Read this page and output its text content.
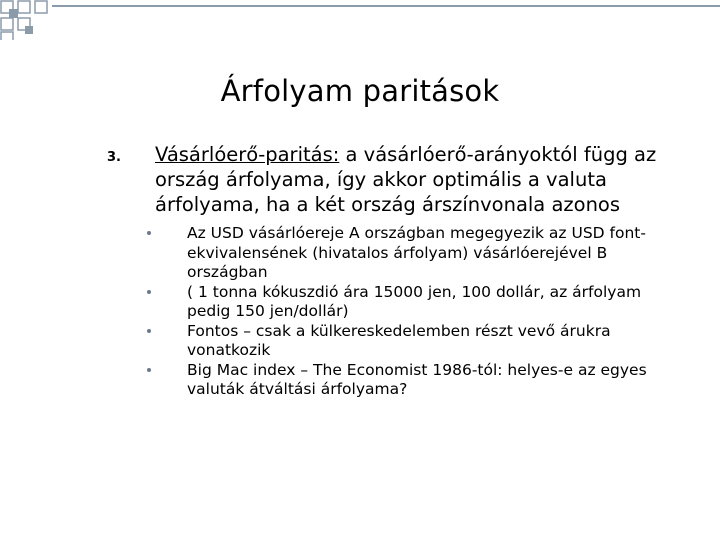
Árfolyam paritások
3. Vásárlóerő-paritás: a vásárlóerő-arányoktól függ az ország árfolyama, így akkor optimális a valuta árfolyama, ha a két ország árszínvonala azonos
Az USD vásárlóereje A országban megegyezik az USD font-ekvivalensének (hivatalos árfolyam) vásárlóerejével B országban
( 1 tonna kókuszdió ára 15000 jen, 100 dollár, az árfolyam pedig 150 jen/dollár)
Fontos – csak a külkereskedelemben részt vevő árukra vonatkozik
Big Mac index – The Economist 1986-tól: helyes-e az egyes valuták átváltási árfolyama?
